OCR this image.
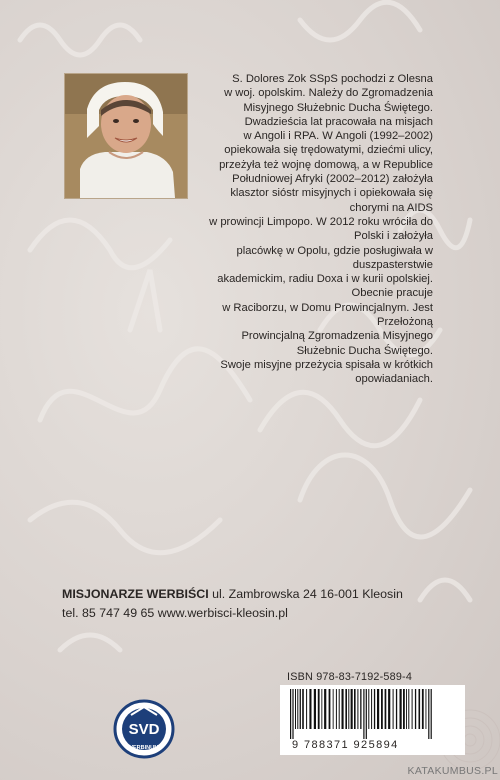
S. Dolores Zok SSpS pochodzi z Olesna
w woj. opolskim. Należy do Zgromadzenia
Misyjnego Służebnic Ducha Świętego.
Dwadzieścia lat pracowała na misjach
w Angoli i RPA. W Angoli (1992–2002)
opiekowała się trędowatymi, dziećmi ulicy,
przeżyła też wojnę domową, a w Republice
Południowej Afryki (2002–2012) założyła
klasztor sióstr misyjnych i opiekowała się chorymi na AIDS
w prowincji Limpopo. W 2012 roku wróciła do Polski i założyła
placówkę w Opolu, gdzie posługiwała w duszpasterstwie
akademickim, radiu Doxa i w kurii opolskiej. Obecnie pracuje
w Raciborzu, w Domu Prowincjalnym. Jest Przełożoną
Prowincjalną Zgromadzenia Misyjnego Służebnic Ducha Świętego.
Swoje misyjne przeżycia spisała w krótkich opowiadaniach.

MISJONARZE WERBIŚCI ul. Zambrowska 24 16-001 Kleosin
tel. 85 747 49 65 www.werbisci-kleosin.pl
ISBN 978-83-7192-589-4
9 788371 925894
SVD
VERBINUM
KATAKUMBUS.PL
